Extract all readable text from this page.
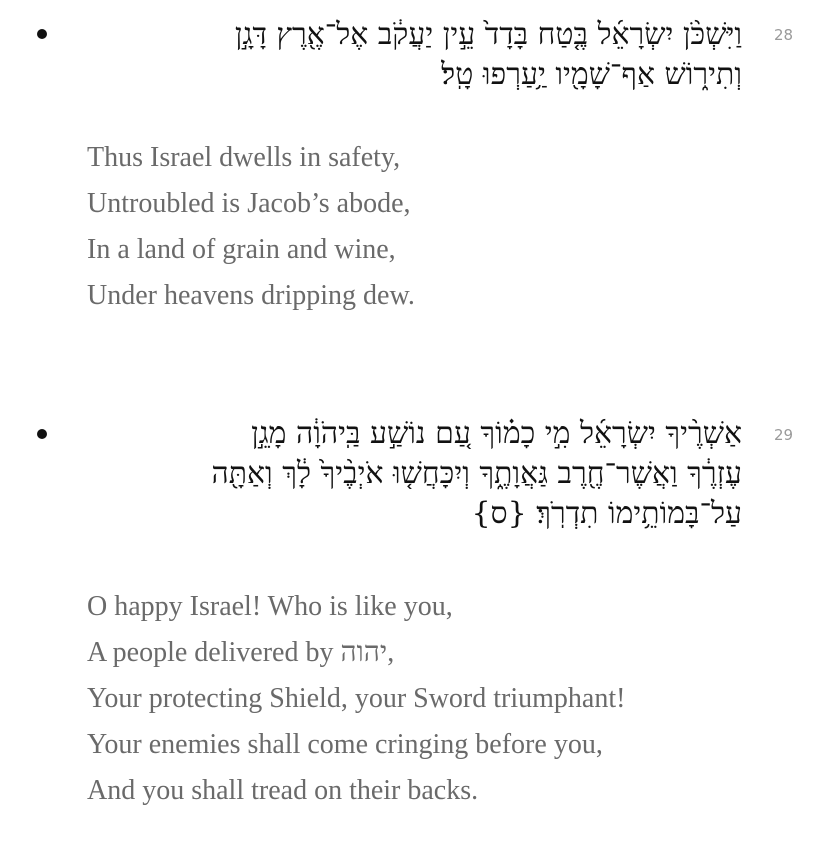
28
וַיִּשְׁכֹּ֨ן יִשְׂרָאֵ֜ל בֶּ֤טַח בָּדָד֙ עֵ֣ין יַעֲקֹ֔ב אֶל־אֶ֖רֶץ דָּגָ֣ן
וְתִיר֑וֹשׁ אַף־שָׁמָ֖יו יַ֥עַרְפוּ טָֽל׃
Thus Israel dwells in safety,
Untroubled is Jacob’s abode,
In a land of grain and wine,
Under heavens dripping dew.
29
אַשְׁרֶ֨יךָ יִשְׂרָאֵ֜ל מִ֣י כָמ֗וֹךָ עַ֚ם נוֹשַׁ֣ע בַּֽיהֹוָ֔ה מָגֵ֣ן
עֶזְרֶ֔ךָ וַאֲשֶׁר־חֶ֖רֶב גַּאֲוָתֶ֑ךָ וְיִכָּחֲשׁ֤וּ אֹיְבֶ֨יךָ֙ לָ֔ךְ וְאַתָּ֖ה
עַל־בָּמוֹתֵ֥ימוֹ תִדְרֹֽךְ׃ {ס}
O happy Israel! Who is like you,
A people delivered by יהוה,
Your protecting Shield, your Sword triumphant!
Your enemies shall come cringing before you,
And you shall tread on their backs.
